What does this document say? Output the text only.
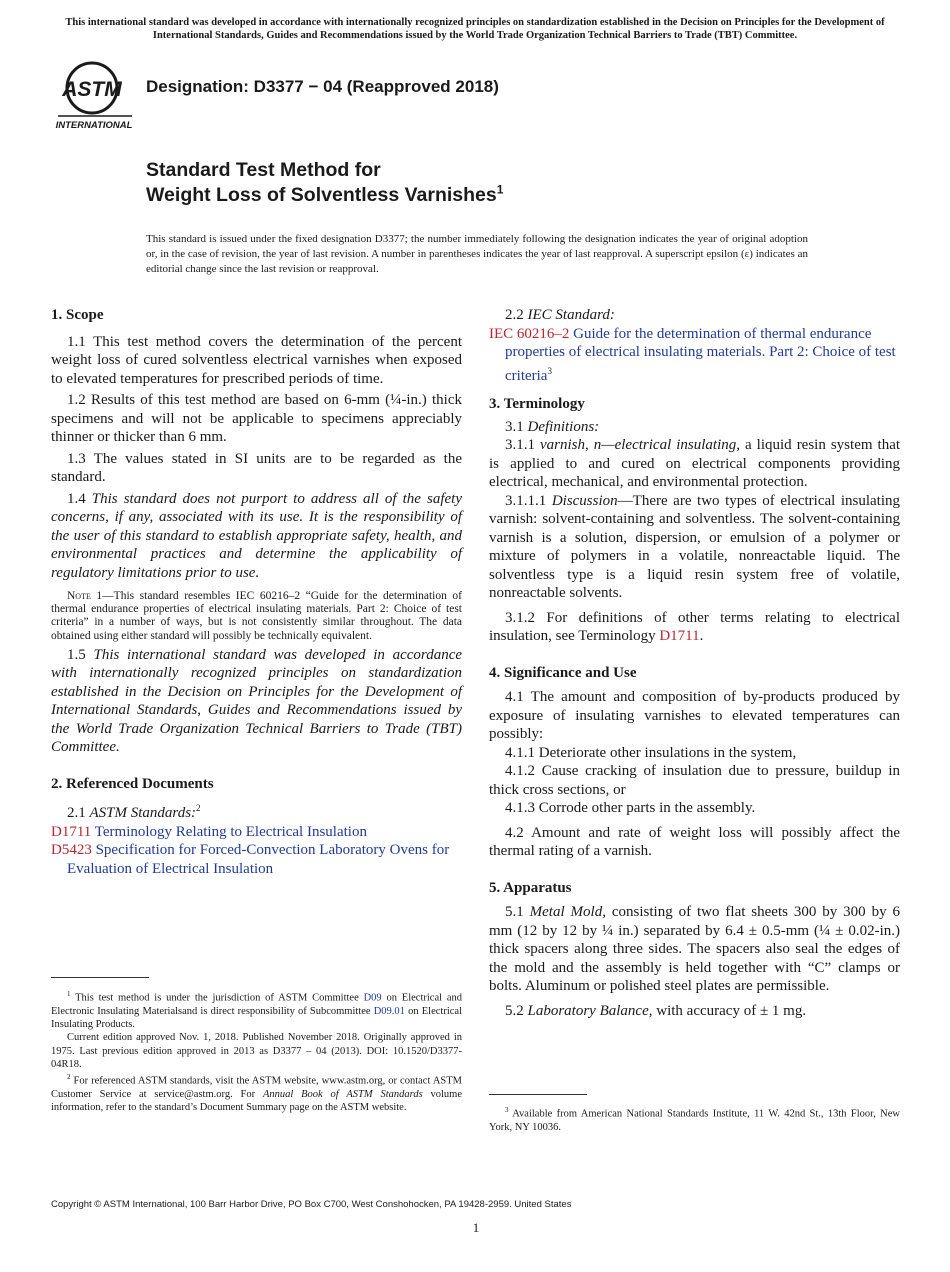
This international standard was developed in accordance with internationally recognized principles on standardization established in the Decision on Principles for the Development of International Standards, Guides and Recommendations issued by the World Trade Organization Technical Barriers to Trade (TBT) Committee.
ASTM
INTERNATIONAL
Designation: D3377 − 04 (Reapproved 2018)
Standard Test Method for
Weight Loss of Solventless Varnishes$^1$
This standard is issued under the fixed designation D3377; the number immediately following the designation indicates the year of original adoption or, in the case of revision, the year of last revision. A number in parentheses indicates the year of last reapproval. A superscript epsilon (ε) indicates an editorial change since the last revision or reapproval.

1. Scope

1.1 This test method covers the determination of the percent weight loss of cured solventless electrical varnishes when exposed to elevated temperatures for prescribed periods of time.

1.2 Results of this test method are based on 6-mm (¼-in.) thick specimens and will not be applicable to specimens appreciably thinner or thicker than 6 mm.

1.3 The values stated in SI units are to be regarded as the standard.

1.4 This standard does not purport to address all of the safety concerns, if any, associated with its use. It is the responsibility of the user of this standard to establish appropriate safety, health, and environmental practices and determine the applicability of regulatory limitations prior to use.

Note 1—This standard resembles IEC 60216–2 “Guide for the determination of thermal endurance properties of electrical insulating materials. Part 2: Choice of test criteria” in a number of ways, but is not consistently similar throughout. The data obtained using either standard will possibly be technically equivalent.

1.5 This international standard was developed in accordance with internationally recognized principles on standardization established in the Decision on Principles for the Development of International Standards, Guides and Recommendations issued by the World Trade Organization Technical Barriers to Trade (TBT) Committee.

2. Referenced Documents

2.1 ASTM Standards:$^2$

D1711 Terminology Relating to Electrical Insulation

D5423 Specification for Forced-Convection Laboratory Ovens for Evaluation of Electrical Insulation

$^1$ This test method is under the jurisdiction of ASTM Committee D09 on Electrical and Electronic Insulating Materialsand is direct responsibility of Subcommittee D09.01 on Electrical Insulating Products.

Current edition approved Nov. 1, 2018. Published November 2018. Originally approved in 1975. Last previous edition approved in 2013 as D3377 – 04 (2013). DOI: 10.1520/D3377-04R18.

$^2$ For referenced ASTM standards, visit the ASTM website, www.astm.org, or contact ASTM Customer Service at service@astm.org. For Annual Book of ASTM Standards volume information, refer to the standard’s Document Summary page on the ASTM website.

2.2 IEC Standard:

IEC 60216–2 Guide for the determination of thermal endurance properties of electrical insulating materials. Part 2: Choice of test criteria$^3$

3. Terminology

3.1 Definitions:

3.1.1 varnish, n—electrical insulating, a liquid resin system that is applied to and cured on electrical components providing electrical, mechanical, and environmental protection.

3.1.1.1 Discussion—There are two types of electrical insulating varnish: solvent-containing and solventless. The solvent-containing varnish is a solution, dispersion, or emulsion of a polymer or mixture of polymers in a volatile, nonreactable liquid. The solventless type is a liquid resin system free of volatile, nonreactable solvents.

3.1.2 For definitions of other terms relating to electrical insulation, see Terminology D1711.

4. Significance and Use

4.1 The amount and composition of by-products produced by exposure of insulating varnishes to elevated temperatures can possibly:

4.1.1 Deteriorate other insulations in the system,

4.1.2 Cause cracking of insulation due to pressure, buildup in thick cross sections, or

4.1.3 Corrode other parts in the assembly.

4.2 Amount and rate of weight loss will possibly affect the thermal rating of a varnish.

5. Apparatus

5.1 Metal Mold, consisting of two flat sheets 300 by 300 by 6 mm (12 by 12 by ¼ in.) separated by 6.4 ± 0.5-mm (¼ ± 0.02-in.) thick spacers along three sides. The spacers also seal the edges of the mold and the assembly is held together with “C” clamps or bolts. Aluminum or polished steel plates are permissible.

5.2 Laboratory Balance, with accuracy of ± 1 mg.

$^3$ Available from American National Standards Institute, 11 W. 42nd St., 13th Floor, New York, NY 10036.

Copyright © ASTM International, 100 Barr Harbor Drive, PO Box C700, West Conshohocken, PA 19428-2959. United States
1
